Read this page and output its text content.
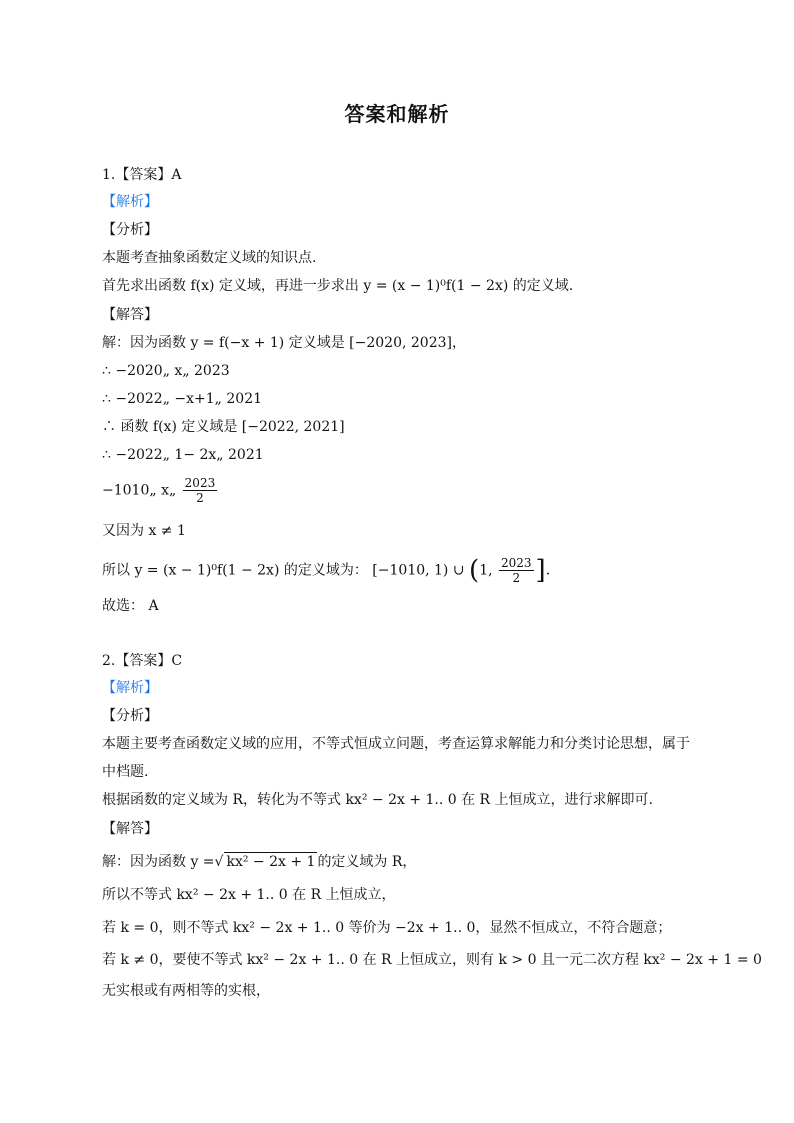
答案和解析
1.【答案】A
【解析】
【分析】
本题考查抽象函数定义域的知识点.
首先求出函数 f(x) 定义域，再进一步求出 y = (x − 1)⁰f(1 − 2x) 的定义域.
【解答】
解：因为函数 y = f(−x + 1) 定义域是 [−2020, 2023]，
∴ −2020„ x„ 2023
∴ −2022„ −x+1„ 2021
∴ 函数 f(x) 定义域是 [−2022, 2021]
∴ −2022„ 1− 2x„ 2021
−1010„ x„ $\frac{2023}{2}$
又因为 x ≠ 1
所以 y = (x − 1)⁰f(1 − 2x) 的定义域为： [−1010, 1) ∪ (1, $\frac{2023}{2}$ ].
故选： A
2.【答案】C
【解析】
【分析】
本题主要考查函数定义域的应用，不等式恒成立问题，考查运算求解能力和分类讨论思想，属于
中档题.
根据函数的定义域为 R，转化为不等式 kx² − 2x + 1.. 0 在 R 上恒成立，进行求解即可.
【解答】
解：因为函数 y =√ kx² − 2x + 1 的定义域为 R，
所以不等式 kx² − 2x + 1.. 0 在 R 上恒成立，
若 k = 0，则不等式 kx² − 2x + 1.. 0 等价为 −2x + 1.. 0，显然不恒成立，不符合题意；
若 k ≠ 0，要使不等式 kx² − 2x + 1.. 0 在 R 上恒成立，则有 k > 0 且一元二次方程 kx² − 2x + 1 = 0
无实根或有两相等的实根，
